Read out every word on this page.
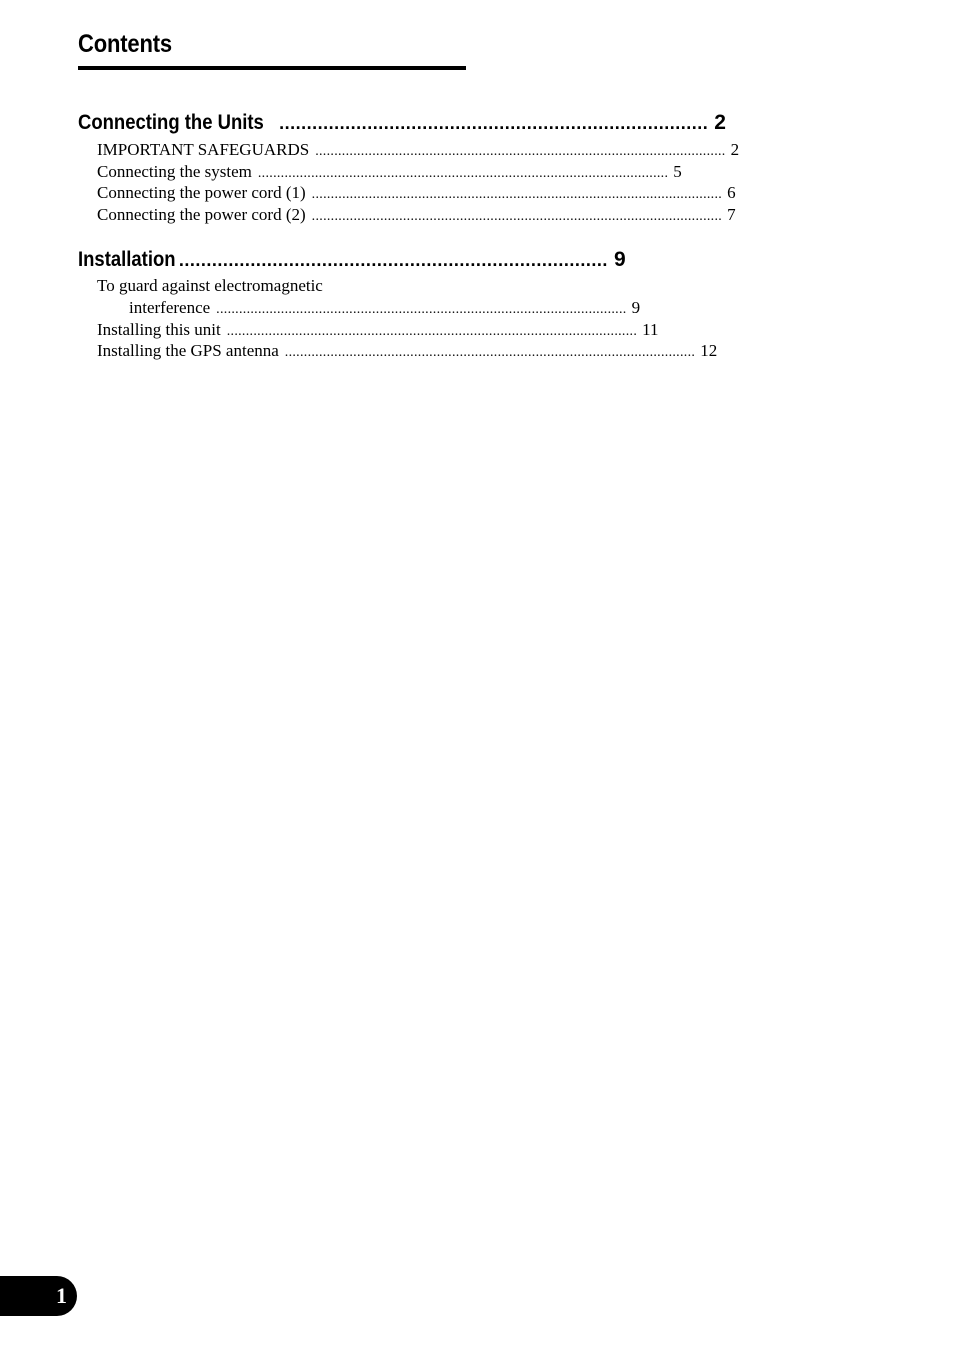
Contents
Connecting the Units .............................................................................. 2
IMPORTANT SAFEGUARDS ............................................................................................................ 2
Connecting the system ............................................................................................................ 5
Connecting the power cord (1) ............................................................................................................ 6
Connecting the power cord (2) ............................................................................................................ 7
Installation .............................................................................. 9
To guard against electromagnetic
interference ............................................................................................................ 9
Installing this unit ............................................................................................................ 11
Installing the GPS antenna ............................................................................................................ 12
1
